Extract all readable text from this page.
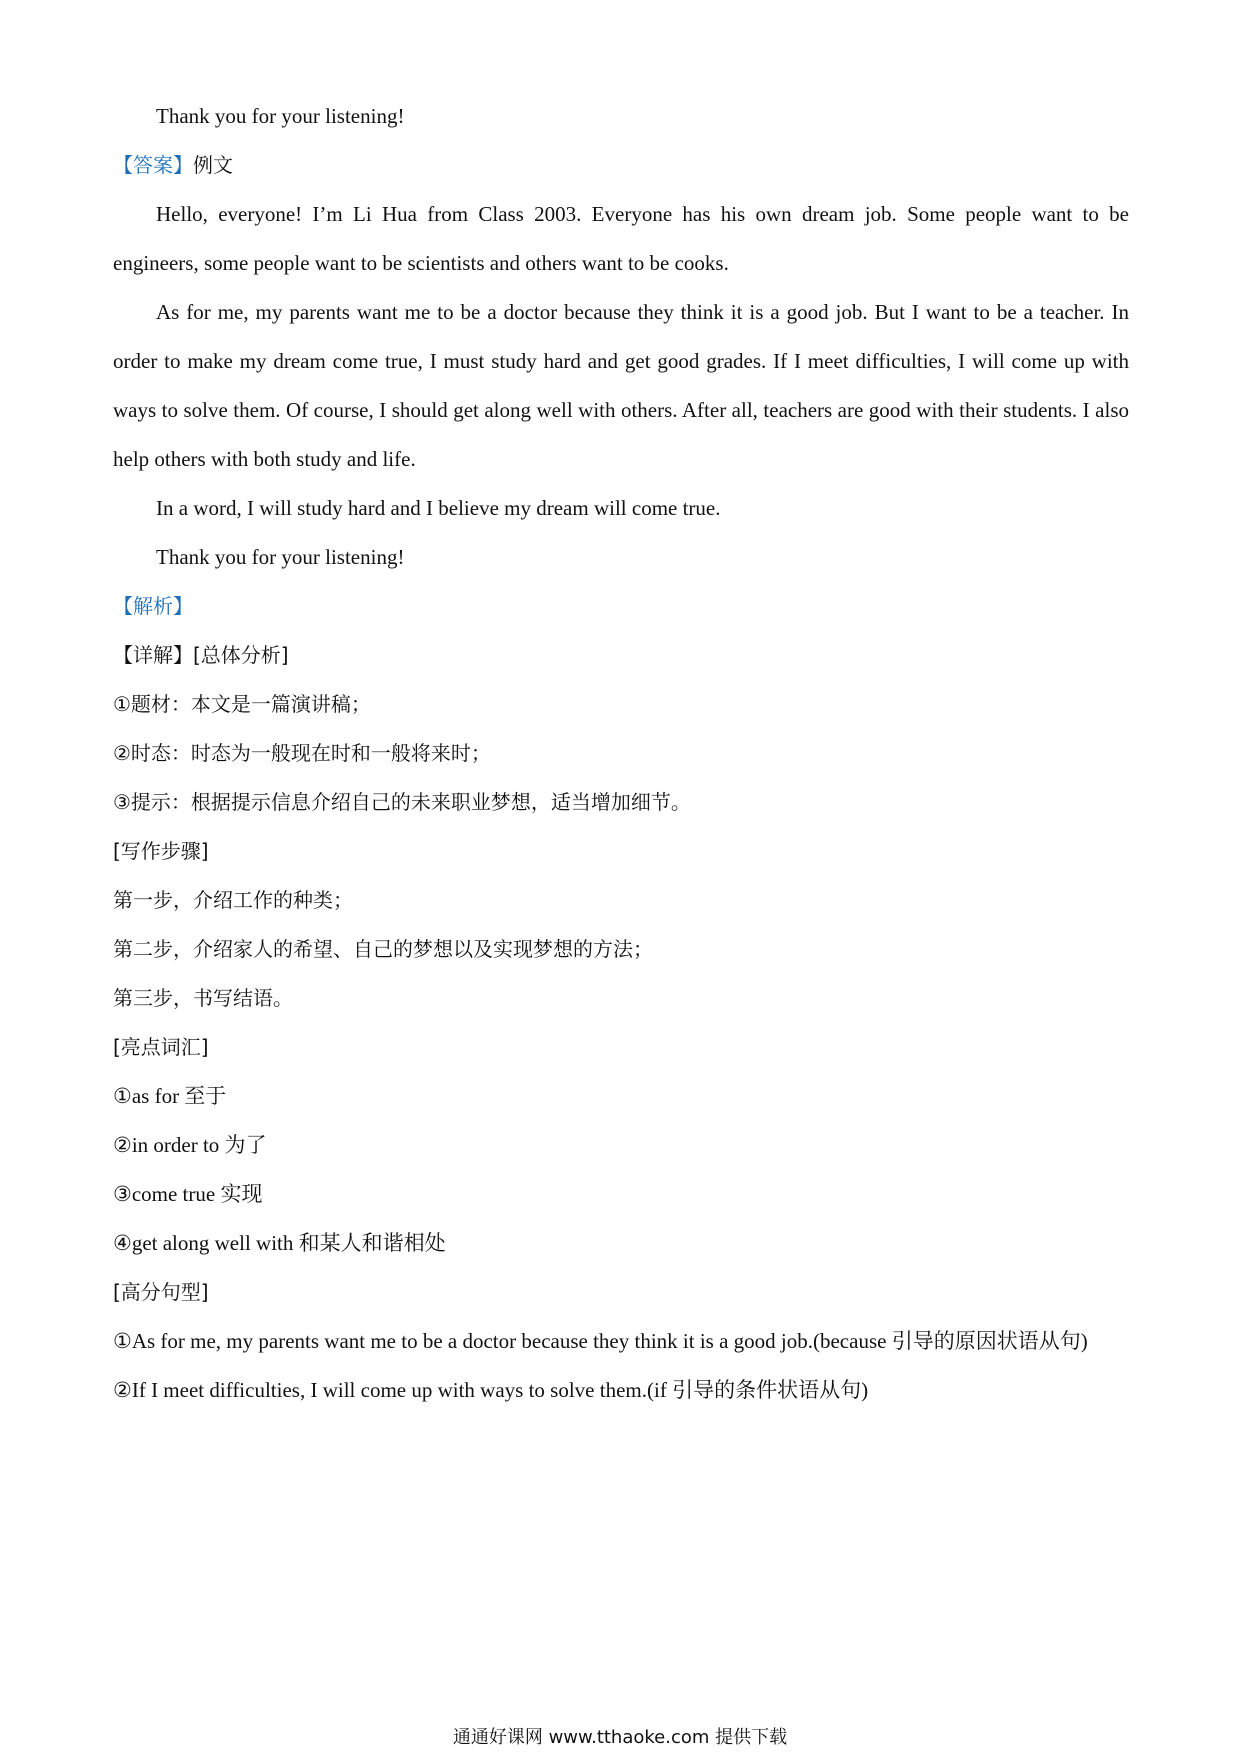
Thank you for your listening!
【答案】例文
Hello, everyone! I’m Li Hua from Class 2003. Everyone has his own dream job. Some people want to be engineers, some people want to be scientists and others want to be cooks.
As for me, my parents want me to be a doctor because they think it is a good job. But I want to be a teacher. In order to make my dream come true, I must study hard and get good grades. If I meet difficulties, I will come up with ways to solve them. Of course, I should get along well with others. After all, teachers are good with their students. I also help others with both study and life.
In a word, I will study hard and I believe my dream will come true.
Thank you for your listening!
【解析】
【详解】[总体分析]
①题材：本文是一篇演讲稿；
②时态：时态为一般现在时和一般将来时；
③提示：根据提示信息介绍自己的未来职业梦想，适当增加细节。
[写作步骤]
第一步，介绍工作的种类；
第二步，介绍家人的希望、自己的梦想以及实现梦想的方法；
第三步，书写结语。
[亮点词汇]
①as for 至于
②in order to 为了
③come true 实现
④get along well with 和某人和谐相处
[高分句型]
①As for me, my parents want me to be a doctor because they think it is a good job.(because 引导的原因状语从句)
②If I meet difficulties, I will come up with ways to solve them.(if 引导的条件状语从句)
通通好课网 www.tthaoke.com 提供下载
